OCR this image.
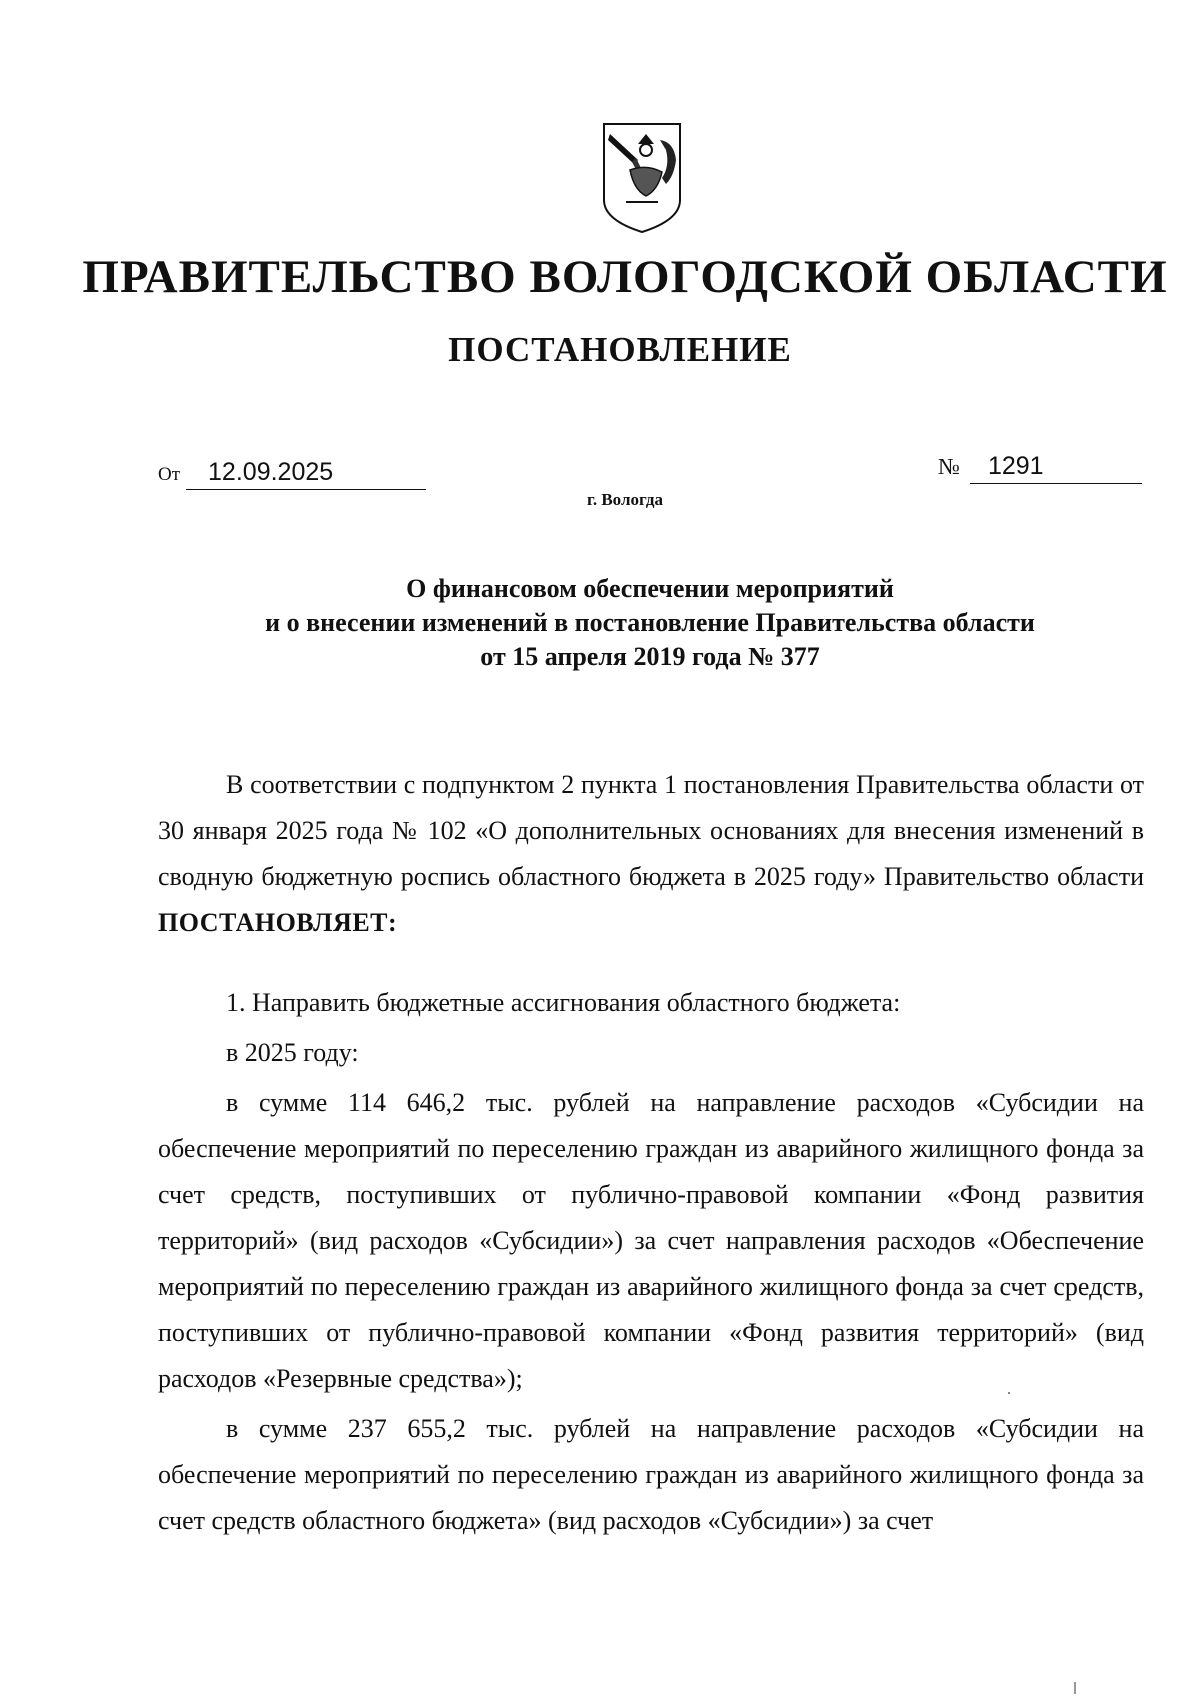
ПРАВИТЕЛЬСТВО ВОЛОГОДСКОЙ ОБЛАСТИ
ПОСТАНОВЛЕНИЕ
От 12.09.2025	№ 1291
г. Вологда
О финансовом обеспечении мероприятий
и о внесении изменений в постановление Правительства области
от 15 апреля 2019 года № 377

В соответствии с подпунктом 2 пункта 1 постановления Правительства области от 30 января 2025 года № 102 «О дополнительных основаниях для внесения изменений в сводную бюджетную роспись областного бюджета в 2025 году» Правительство области ПОСТАНОВЛЯЕТ:

1. Направить бюджетные ассигнования областного бюджета:

в 2025 году:

в сумме 114 646,2 тыс. рублей на направление расходов «Субсидии на обеспечение мероприятий по переселению граждан из аварийного жилищного фонда за счет средств, поступивших от публично-правовой компании «Фонд развития территорий» (вид расходов «Субсидии») за счет направления расходов «Обеспечение мероприятий по переселению граждан из аварийного жилищного фонда за счет средств, поступивших от публично-правовой компании «Фонд развития территорий» (вид расходов «Резервные средства»);

в сумме 237 655,2 тыс. рублей на направление расходов «Субсидии на обеспечение мероприятий по переселению граждан из аварийного жилищного фонда за счет средств областного бюджета» (вид расходов «Субсидии») за счет
